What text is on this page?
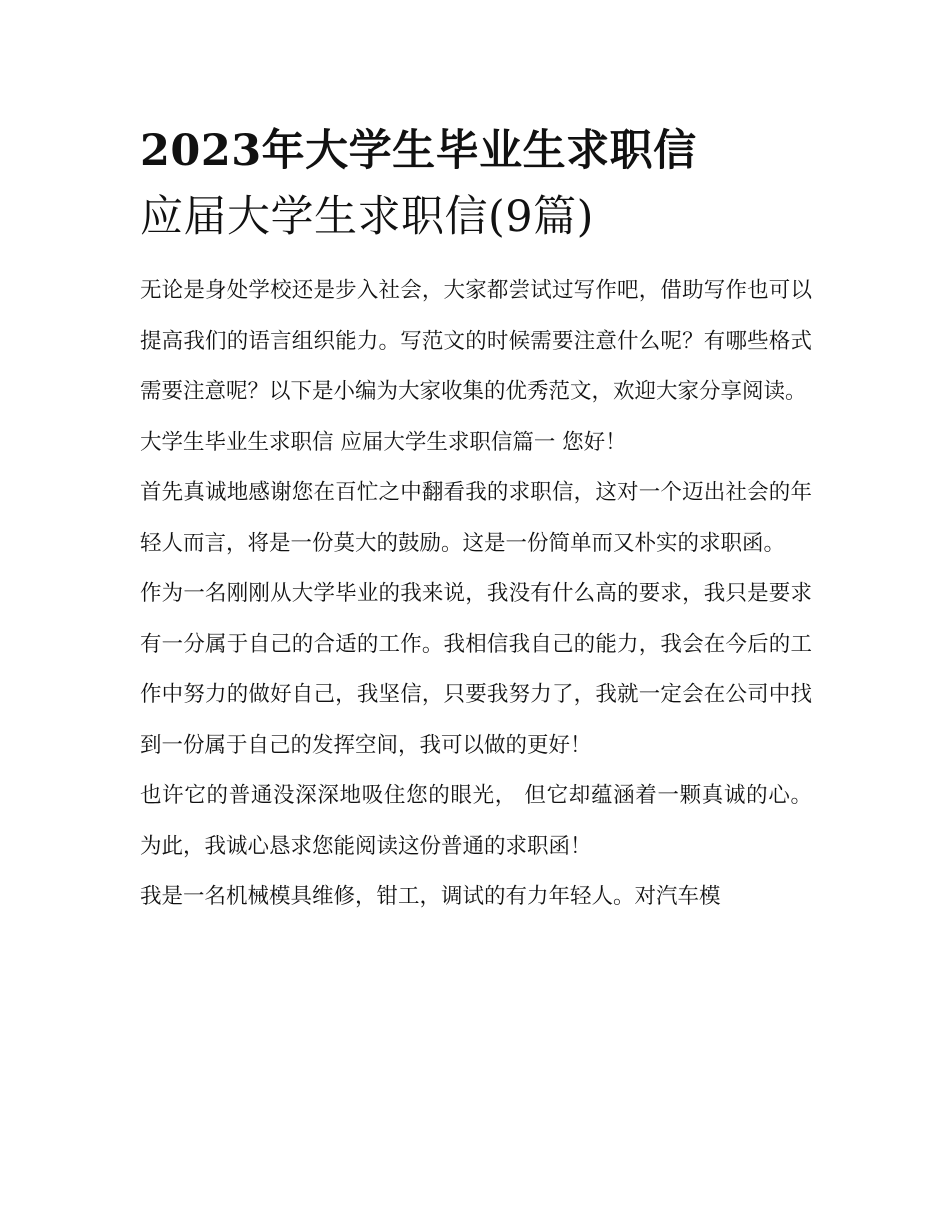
2023年大学生毕业生求职信
应届大学生求职信(9篇)

无论是身处学校还是步入社会，大家都尝试过写作吧，借助写作也可以提高我们的语言组织能力。写范文的时候需要注意什么呢？有哪些格式需要注意呢？以下是小编为大家收集的优秀范文，欢迎大家分享阅读。

大学生毕业生求职信 应届大学生求职信篇一 您好！

首先真诚地感谢您在百忙之中翻看我的求职信，这对一个迈出社会的年轻人而言，将是一份莫大的鼓励。这是一份简单而又朴实的求职函。

作为一名刚刚从大学毕业的我来说，我没有什么高的要求，我只是要求有一分属于自己的合适的工作。我相信我自己的能力，我会在今后的工作中努力的做好自己，我坚信，只要我努力了，我就一定会在公司中找到一份属于自己的发挥空间，我可以做的更好！

也许它的普通没深深地吸住您的眼光， 但它却蕴涵着一颗真诚的心。为此，我诚心恳求您能阅读这份普通的求职函！

我是一名机械模具维修，钳工，调试的有力年轻人。对汽车模
